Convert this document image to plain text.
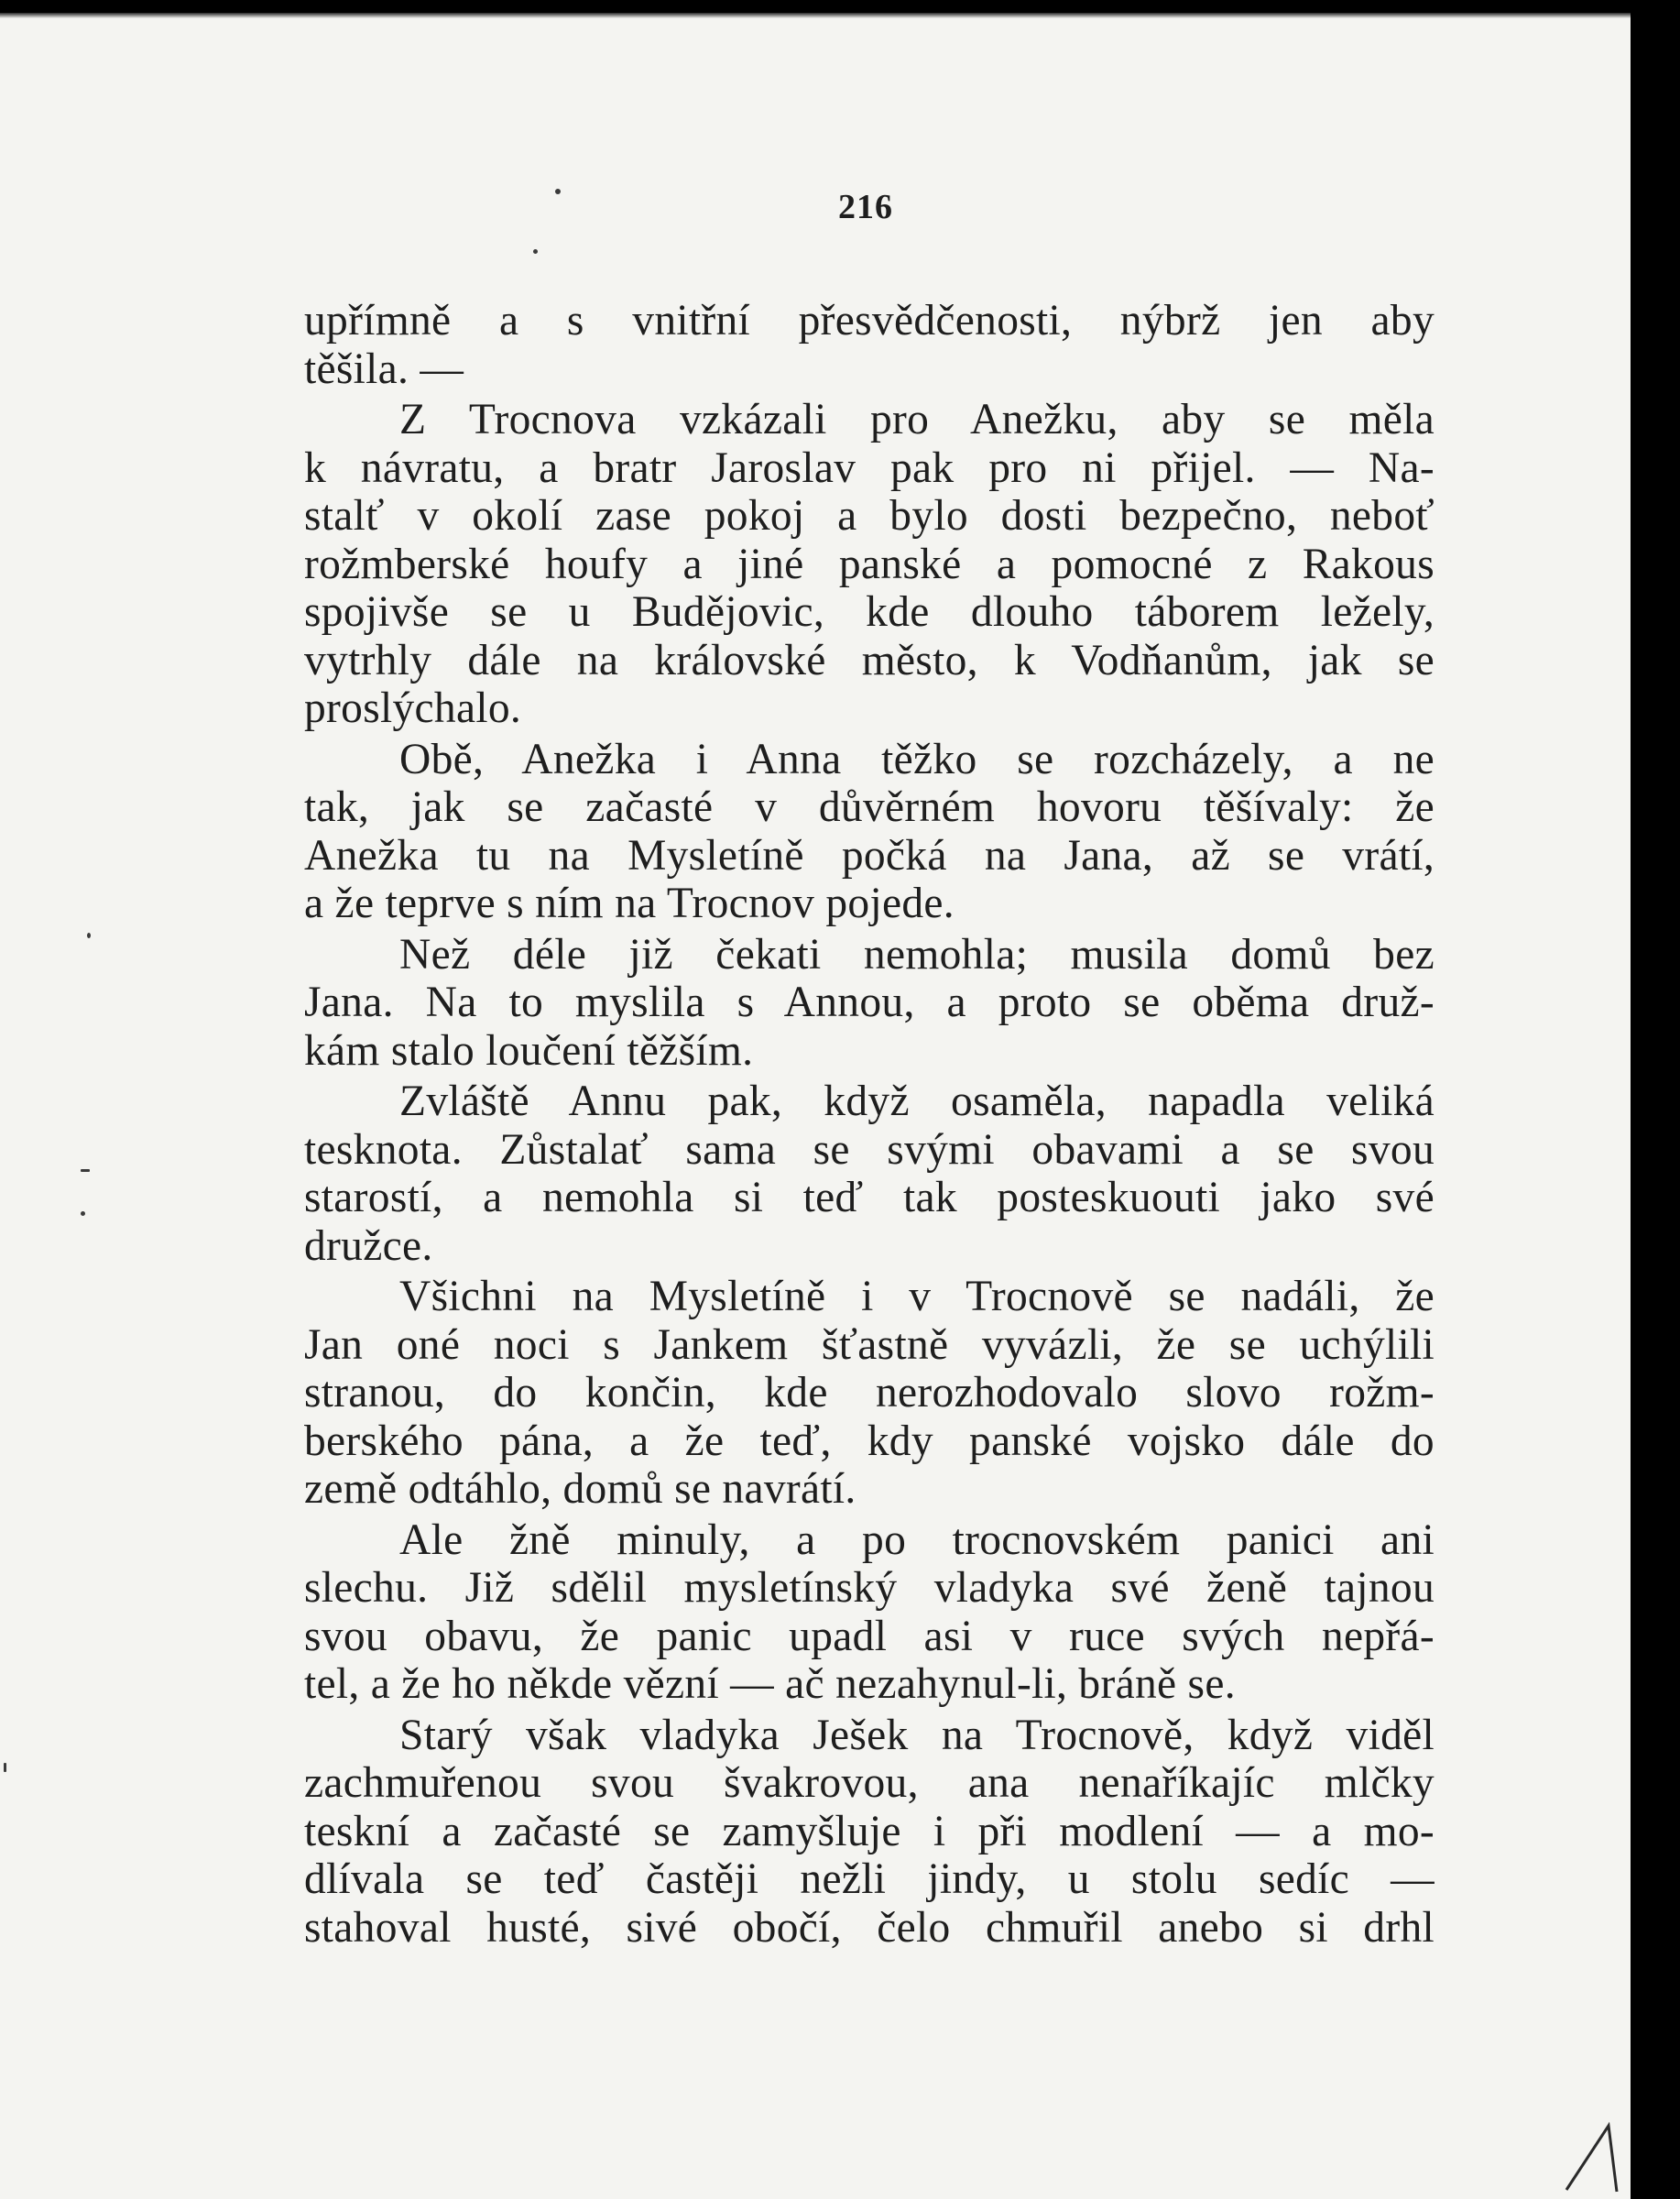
216

upřímně a s vnitřní přesvědčenosti, nýbrž jen aby
těšila. —

Z Trocnova vzkázali pro Anežku, aby se měla
k návratu, a bratr Jaroslav pak pro ni přijel. — Na-
stalť v okolí zase pokoj a bylo dosti bezpečno, neboť
rožmberské houfy a jiné panské a pomocné z Rakous
spojivše se u Budějovic, kde dlouho táborem ležely,
vytrhly dále na královské město, k Vodňanům, jak se
proslýchalo.

Obě, Anežka i Anna těžko se rozcházely, a ne
tak, jak se začasté v důvěrném hovoru těšívaly: že
Anežka tu na Mysletíně počká na Jana, až se vrátí,
a že teprve s ním na Trocnov pojede.

Než déle již čekati nemohla; musila domů bez
Jana. Na to myslila s Annou, a proto se oběma druž-
kám stalo loučení těžším.

Zvláště Annu pak, když osaměla, napadla veliká
tesknota. Zůstalať sama se svými obavami a se svou
starostí, a nemohla si teď tak posteskuouti jako své
družce.

Všichni na Mysletíně i v Trocnově se nadáli, že
Jan oné noci s Jankem šťastně vyvázli, že se uchýlili
stranou, do končin, kde nerozhodovalo slovo rožm-
berského pána, a že teď, kdy panské vojsko dále do
země odtáhlo, domů se navrátí.

Ale žně minuly, a po trocnovském panici ani
slechu. Již sdělil mysletínský vladyka své ženě tajnou
svou obavu, že panic upadl asi v ruce svých nepřá-
tel, a že ho někde vězní — ač nezahynul-li, bráně se.

Starý však vladyka Ješek na Trocnově, když viděl
zachmuřenou svou švakrovou, ana nenaříkajíc mlčky
teskní a začasté se zamyšluje i při modlení — a mo-
dlívala se teď častěji nežli jindy, u stolu sedíc —
stahoval husté, sivé obočí, čelo chmuřil anebo si drhl
